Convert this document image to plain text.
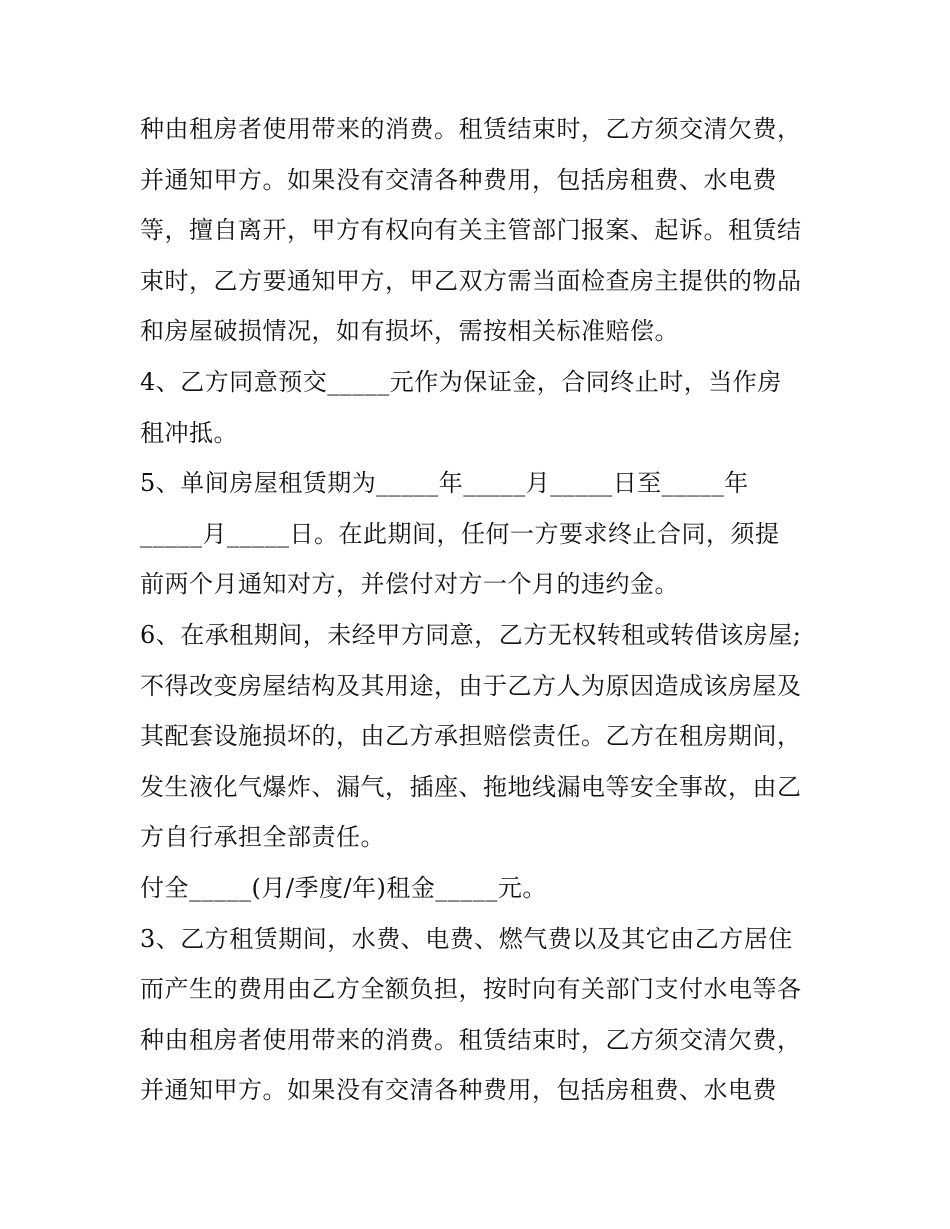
种由租房者使用带来的消费。租赁结束时，乙方须交清欠费，
并通知甲方。如果没有交清各种费用，包括房租费、水电费
等，擅自离开，甲方有权向有关主管部门报案、起诉。租赁结
束时，乙方要通知甲方，甲乙双方需当面检查房主提供的物品
和房屋破损情况，如有损坏，需按相关标准赔偿。
4、乙方同意预交_____元作为保证金，合同终止时，当作房
租冲抵。
5、单间房屋租赁期为_____年_____月_____日至_____年
_____月_____日。在此期间，任何一方要求终止合同，须提
前两个月通知对方，并偿付对方一个月的违约金。
6、在承租期间，未经甲方同意，乙方无权转租或转借该房屋;
不得改变房屋结构及其用途，由于乙方人为原因造成该房屋及
其配套设施损坏的，由乙方承担赔偿责任。乙方在租房期间，
发生液化气爆炸、漏气，插座、拖地线漏电等安全事故，由乙
方自行承担全部责任。
付全_____(月/季度/年)租金_____元。
3、乙方租赁期间，水费、电费、燃气费以及其它由乙方居住
而产生的费用由乙方全额负担，按时向有关部门支付水电等各
种由租房者使用带来的消费。租赁结束时，乙方须交清欠费，
并通知甲方。如果没有交清各种费用，包括房租费、水电费
